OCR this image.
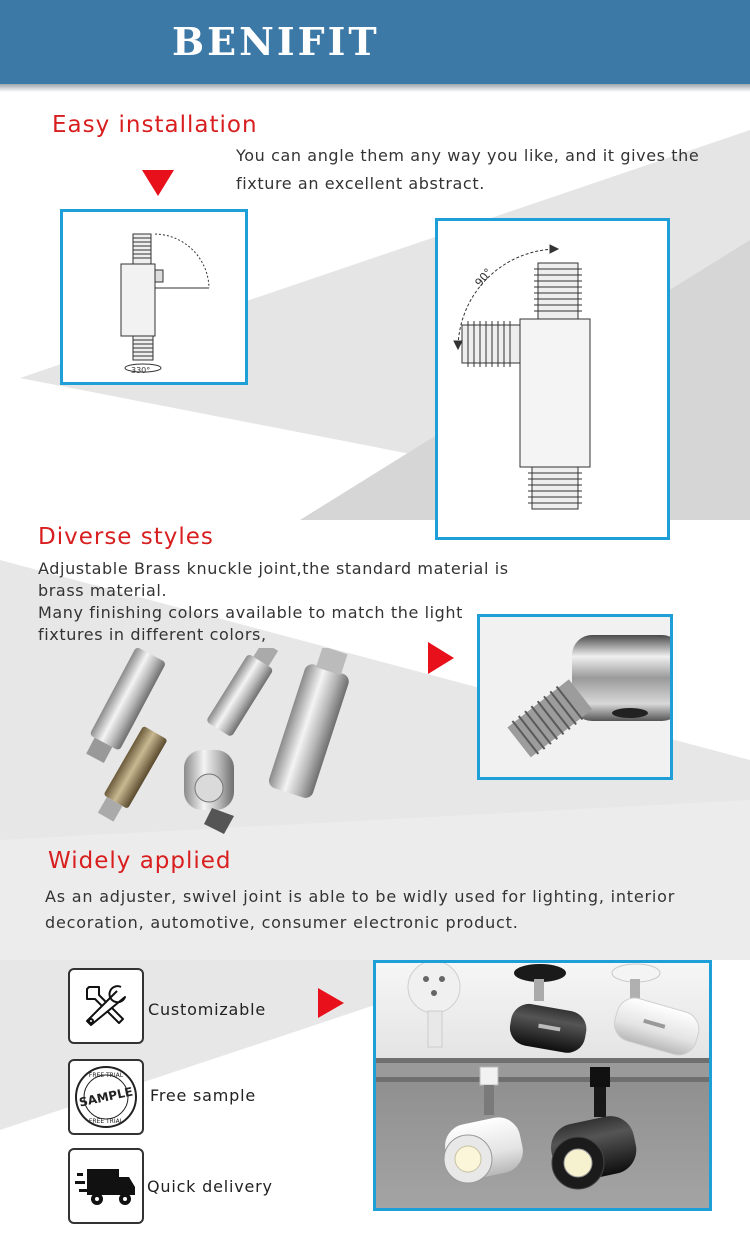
BENIFIT
Easy installation
You can angle them any way you like, and it gives the fixture an excellent abstract.
330°
90°
Diverse styles
Adjustable Brass knuckle joint,the standard material is brass material.
Many finishing colors available to match the light fixtures in different colors,
Widely applied
As an adjuster, swivel joint is able to be widly used for lighting, interior decoration, automotive, consumer electronic product.
Customizable
SAMPLE
FREE TRIAL
FREE TRIAL
Free sample
Quick delivery
